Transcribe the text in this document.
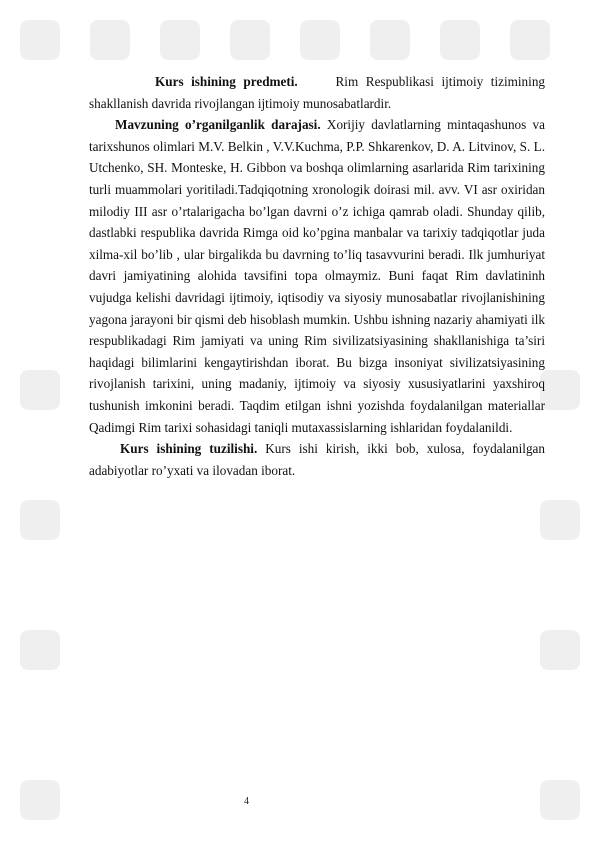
Kurs ishining predmeti.	Rim Respublikasi ijtimoiy tizimining shakllanish davrida rivojlangan ijtimoiy munosabatlardir.

Mavzuning o’rganilganlik darajasi. Xorijiy davlatlarning mintaqashunos va tarixshunos olimlari M.V. Belkin , V.V.Kuchma, P.P. Shkarenkov, D. A. Litvinov, S. L. Utchenko, SH. Monteske, H. Gibbon va boshqa olimlarning asarlarida Rim tarixining turli muammolari yoritiladi.Tadqiqotning xronologik doirasi mil. avv. VI asr oxiridan milodiy III asr o’rtalarigacha bo’lgan davrni o’z ichiga qamrab oladi. Shunday qilib, dastlabki respublika davrida Rimga oid ko’pgina manbalar va tarixiy tadqiqotlar juda xilma-xil bo’lib , ular birgalikda bu davrning to’liq tasavvurini beradi. Ilk jumhuriyat davri jamiyatining alohida tavsifini topa olmaymiz. Buni faqat Rim davlatininh vujudga kelishi davridagi ijtimoiy, iqtisodiy va siyosiy munosabatlar rivojlanishining yagona jarayoni bir qismi deb hisoblash mumkin. Ushbu ishning nazariy ahamiyati ilk respublikadagi Rim jamiyati va uning Rim sivilizatsiyasining shakllanishiga ta’siri haqidagi bilimlarini kengaytirishdan iborat. Bu bizga insoniyat sivilizatsiyasining rivojlanish tarixini, uning madaniy, ijtimoiy va siyosiy xususiyatlarini yaxshiroq tushunish imkonini beradi. Taqdim etilgan ishni yozishda foydalanilgan materiallar Qadimgi Rim tarixi sohasidagi taniqli mutaxassislarning ishlaridan foydalanildi.

Kurs ishining tuzilishi. Kurs ishi kirish, ikki bob, xulosa, foydalanilgan adabiyotlar ro’yxati va ilovadan iborat.

4
